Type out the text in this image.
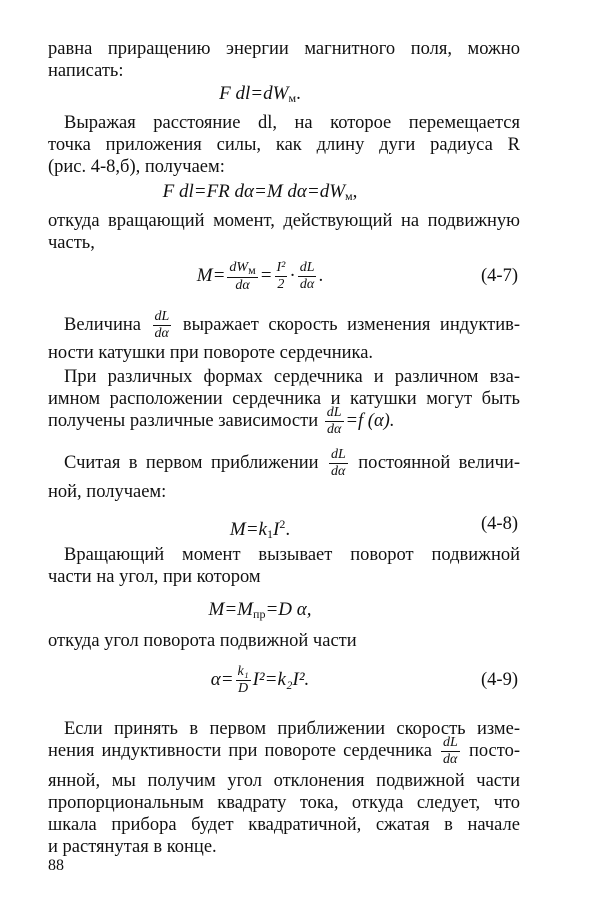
равна приращению энергии магнитного поля, можно
написать:
F $dl=dW_м$.
Выражая расстояние dl, на которое перемещается
точка приложения силы, как длину дуги радиуса R
(рис. 4-8,б), получаем:
F dl=FR dα=M $d\alpha=dW_м$,
откуда вращающий момент, действующий на подвижную
часть,
$M= \frac{\text{dWм}}{d\alpha} = \frac{\text{I²}}{2} \cdot \frac{dL}{d\alpha}$ .	(4-7)
Величина $\frac{dL}{d\alpha}$ выражает скорость изменения индуктив-
ности катушки при повороте сердечника.
При различных формах сердечника и различном вза-
имном расположении сердечника и катушки могут быть
получены различные зависимости $\frac{dL}{d\alpha} =f$ (α).
Считая в первом приближении $\frac{dL}{d\alpha}$ постоянной величи-
ной, получаем:
$M=k_1I^2$.	(4-8)
Вращающий момент вызывает поворот подвижной
части на угол, при котором
$M=M_{пр}=D$ α,
откуда угол поворота подвижной части
$\alpha= \frac{\text{k₁}}{D} I^2=k_2I^2$.	(4-9)
Если принять в первом приближении скорость изме-
нения индуктивности при повороте сердечника $\frac{dL}{d\alpha}$ посто-
янной, мы получим угол отклонения подвижной части
пропорциональным квадрату тока, откуда следует, что
шкала прибора будет квадратичной, сжатая в начале
и растянутая в конце.
88
